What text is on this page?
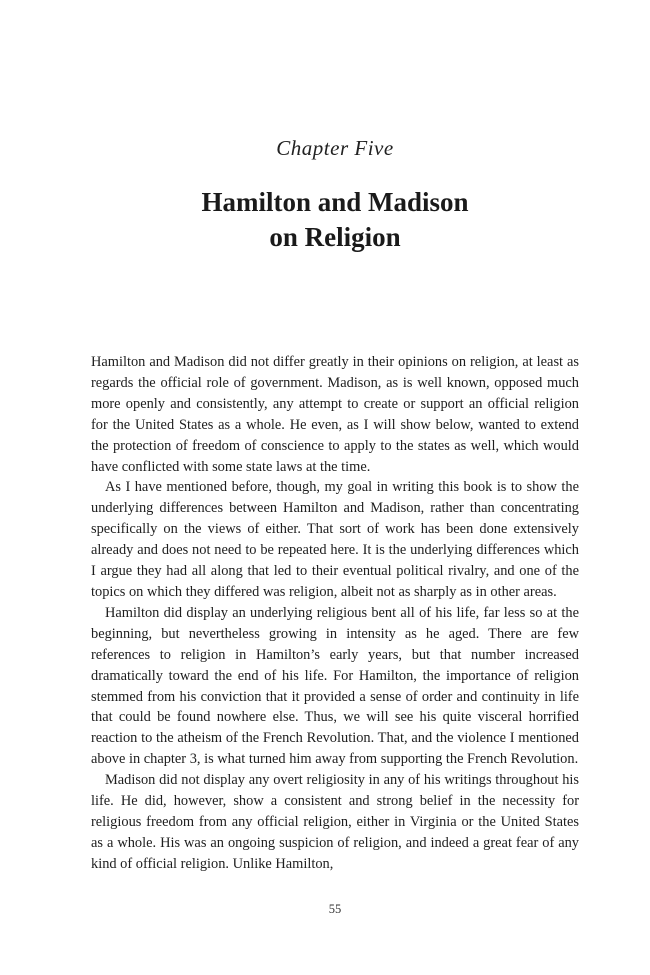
Chapter Five
Hamilton and Madison
on Religion

Hamilton and Madison did not differ greatly in their opinions on religion, at least as regards the official role of government. Madison, as is well known, opposed much more openly and consistently, any attempt to create or support an official religion for the United States as a whole. He even, as I will show below, wanted to extend the protection of freedom of conscience to apply to the states as well, which would have conflicted with some state laws at the time.

As I have mentioned before, though, my goal in writing this book is to show the underlying differences between Hamilton and Madison, rather than concentrating specifically on the views of either. That sort of work has been done extensively already and does not need to be repeated here. It is the underlying differences which I argue they had all along that led to their eventual political rivalry, and one of the topics on which they differed was religion, albeit not as sharply as in other areas.

Hamilton did display an underlying religious bent all of his life, far less so at the beginning, but nevertheless growing in intensity as he aged. There are few references to religion in Hamilton’s early years, but that number increased dramatically toward the end of his life. For Hamilton, the importance of religion stemmed from his conviction that it provided a sense of order and continuity in life that could be found nowhere else. Thus, we will see his quite visceral horrified reaction to the atheism of the French Revolution. That, and the violence I mentioned above in chapter 3, is what turned him away from supporting the French Revolution.

Madison did not display any overt religiosity in any of his writings throughout his life. He did, however, show a consistent and strong belief in the necessity for religious freedom from any official religion, either in Virginia or the United States as a whole. His was an ongoing suspicion of religion, and indeed a great fear of any kind of official religion. Unlike Hamilton,

55
